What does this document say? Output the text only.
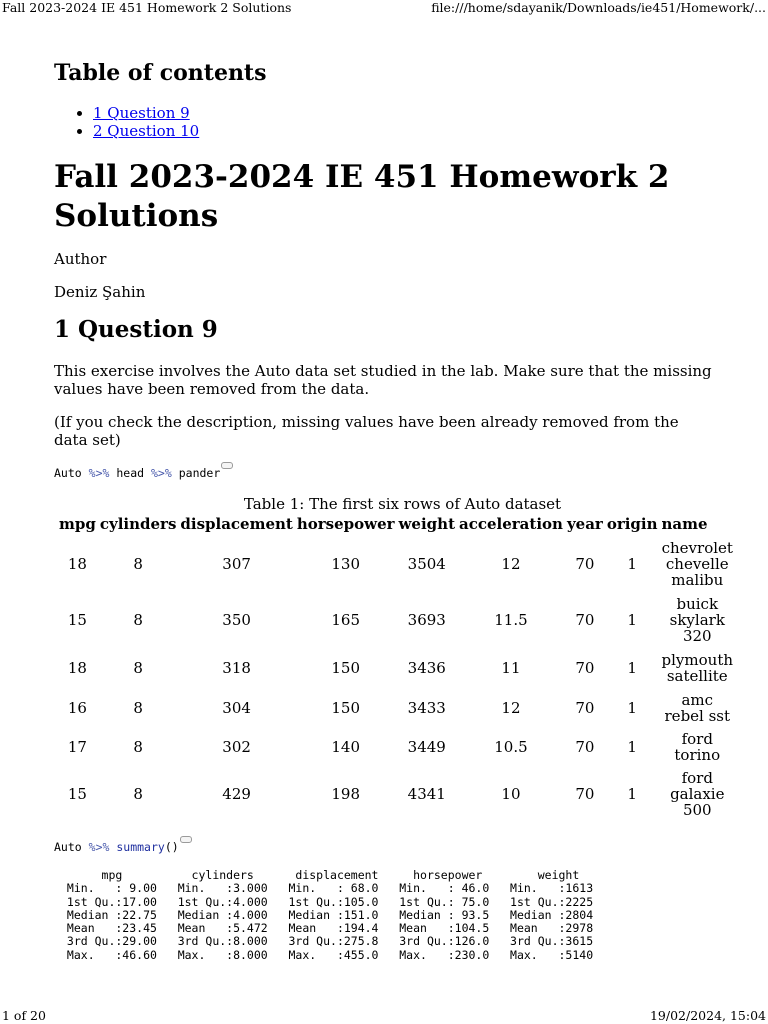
Fall 2023-2024 IE 451 Homework 2 Solutions	file:///home/sdayanik/Downloads/ie451/Homework/...
Table of contents
• 1 Question 9
• 2 Question 10
Fall 2023-2024 IE 451 Homework 2 Solutions
Author
Deniz Şahin
1 Question 9

This exercise involves the Auto data set studied in the lab. Make sure that the missing values have been removed from the data.

(If you check the description, missing values have been already removed from the data set)

Auto %>% head %>% pander
Table 1: The first six rows of Auto dataset
mpg	cylinders	displacement	horsepower	weight	acceleration	year	origin	name
18	8	307	130	3504	12	70	1	chevrolet
chevelle
malibu

15	8	350	165	3693	11.5	70	1	buick
skylark
320

18	8	318	150	3436	11	70	1	plymouth
satellite

16	8	304	150	3433	12	70	1	amc
rebel sst

17	8	302	140	3449	10.5	70	1	ford
torino

15	8	429	198	4341	10	70	1	ford
galaxie
500
Auto %>% summary()
mpg          cylinders      displacement     horsepower        weight
Min.   : 9.00   Min.   :3.000   Min.   : 68.0   Min.   : 46.0   Min.   :1613
1st Qu.:17.00   1st Qu.:4.000   1st Qu.:105.0   1st Qu.: 75.0   1st Qu.:2225
Median :22.75   Median :4.000   Median :151.0   Median : 93.5   Median :2804
Mean   :23.45   Mean   :5.472   Mean   :194.4   Mean   :104.5   Mean   :2978
3rd Qu.:29.00   3rd Qu.:8.000   3rd Qu.:275.8   3rd Qu.:126.0   3rd Qu.:3615
Max.   :46.60   Max.   :8.000   Max.   :455.0   Max.   :230.0   Max.   :5140
1 of 20	19/02/2024, 15:04
